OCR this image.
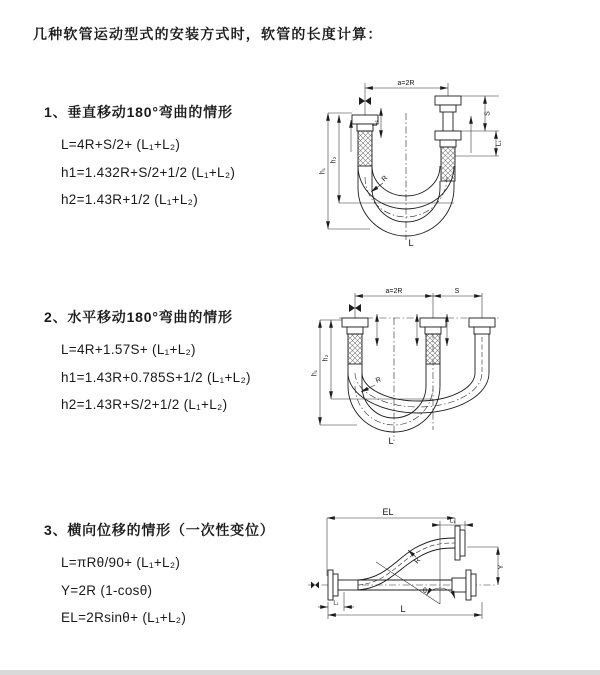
几种软管运动型式的安装方式时，软管的长度计算：
1、垂直移动180°弯曲的情形
L=4R+S/2+ (L₁+L₂)
h1=1.432R+S/2+1/2 (L₁+L₂)
h2=1.43R+1/2 (L₁+L₂)
2、水平移动180°弯曲的情形
L=4R+1.57S+ (L₁+L₂)
h1=1.43R+0.785S+1/2 (L₁+L₂)
h2=1.43R+S/2+1/2 (L₁+L₂)
3、横向位移的情形（一次性变位）
L=πRθ/90+ (L₁+L₂)
Y=2R (1-cosθ)
EL=2Rsinθ+ (L₁+L₂)
a=2R
R
S
L₁
L₁
h₁
h₂
L
a=2R	S
R
h₁
h₂
L
θ
R
EL
L₁
Y
L₁
L
